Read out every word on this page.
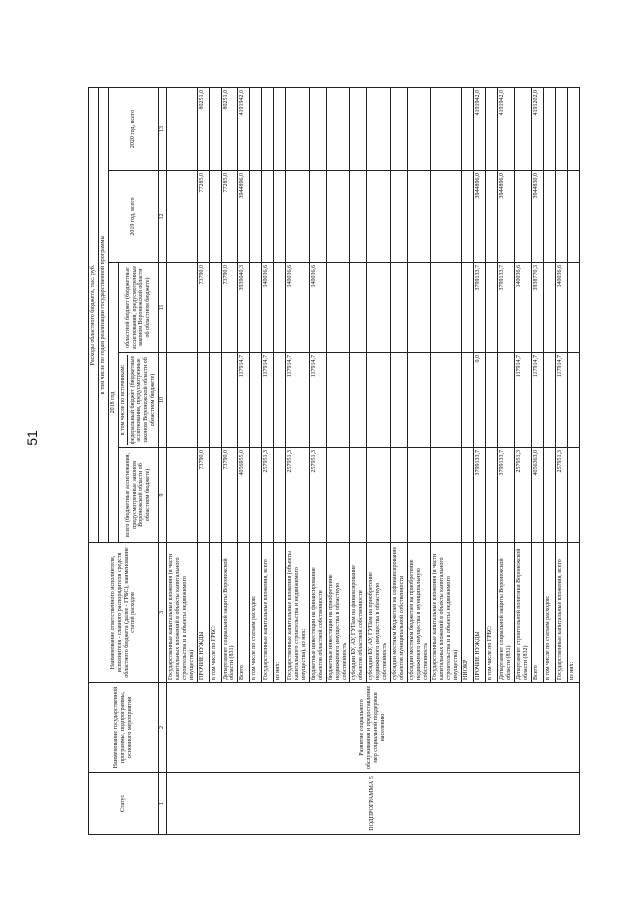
51
Статус	Наименование государственной программы, подпрограммы, основного мероприятия	Наименование ответственного исполнителя, исполнителя - главного распорядителя средств областного бюджета (далее - ГРБС), наименование статей расходов	Расходы областного бюджета, тыс. руб.				
			в том числе по годам реализации государственной программы				
			2018 год			2019 год, всего	2020 год, всего
			всего (бюджетные ассигнования, предусмотренные законом Воронежской области об областном бюджете)	в том числе по источникам: федеральный бюджет (бюджетные ассигнования, предусмотренные законом Воронежской области об областном бюджете)	областной бюджет (бюджетные ассигнования, предусмотренные законом Воронежской области об областном бюджете)		
1	2	3	9	10	11	12	13
ПОДПРОГРАММА 5	Развитие социального обслуживания и предоставление мер социальной поддержки населению	Государственные капитальные вложения (в части капитальных вложений в объекты капитального строительства и в объекты недвижимого имущества)					
		ПРОЧИЕ НУЖДЫ	73790,0		73790,0	77285,0	80251,0
		в том числе по ГРБС:					
		Департамент социальной защиты Воронежской области (831)	73790,0		73790,0	77285,0	80251,0
		Всего	4056955,0	117914,7	3939040,3	3944896,0	4191942,0
		в том числе по статьям расходов:					
		Государственные капитальные вложения, всего	257951,3	117914,7	140036,6		
		из них:					
		Государственные капитальные вложения (объекты капитального строительства и недвижимого имущества), из них:	257951,3	117914,7	140036,6		
		бюджетные инвестиции на финансирование объектов областной собственности	257951,3	117914,7	140036,6		
		бюджетные инвестиции на приобретение недвижимого имущества в областную собственность					
		субсидии БУ, АУ, ГУПам на финансирование объектов областной собственности					
		субсидии БУ, АУ, ГУПам на приобретение недвижимого имущества в областную собственность					
		субсидии местным бюджетам на софинансирование объектов муниципальной собственности					
		субсидии местным бюджетам на приобретение недвижимого имущества в муниципальную собственность					
		Государственные капитальные вложения (в части капитальных вложений в объекты капитального строительства и в объекты недвижимого имущества)					
		НИОКР					
		ПРОЧИЕ НУЖДЫ	3799133,7	0,0	3799133,7	3944896,0	4191942,0
		в том числе по ГРБС:					
		Департамент социальной защиты Воронежской области (831)	3799133,7		3799133,7	3944896,0	4191942,0
		Департамент строительной политики Воронежской области (832)	257951,3	117914,7	140036,6		
		Всего	4056363,0	117914,7	3938770,3	3944830,0	4191202,0
		в том числе по статьям расходов:					
		Государственные капитальные вложения, всего	257951,3	117914,7	140036,6		
		из них:					
